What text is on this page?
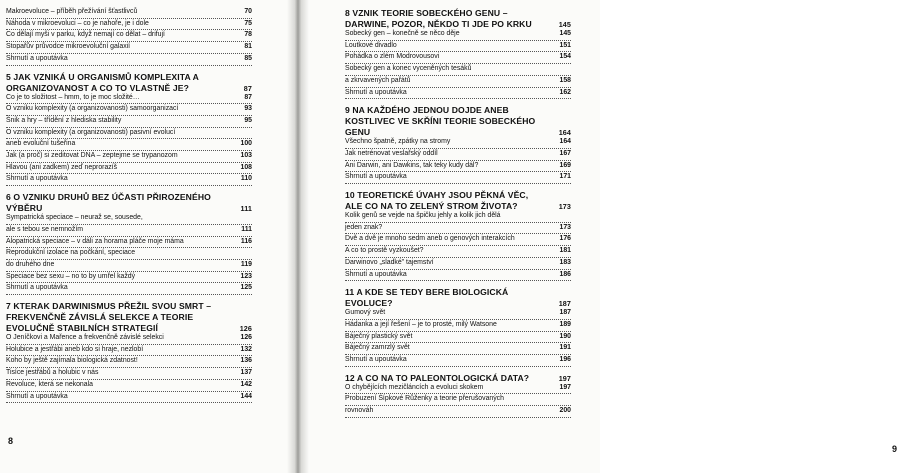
Makroevoluce – příběh přežívání šťastlivců	70
Náhoda v mikroevoluci – co je nahoře, je i dole	75
Co dělají myši v parku, když nemají co dělat – drifují	78
Stopařův průvodce mikroevoluční galaxií	81
Shrnutí a upoutávka	85
5 JAK VZNIKÁ U ORGANISMŮ KOMPLEXITA A ORGANIZOVANOST A CO TO VLASTNĚ JE?	87
Co je to složitost – hmm, to je moc složité…	87
O vzniku komplexity (a organizovanosti) samoorganizací	93
Šnik a hry – třídění z hlediska stability	95
O vzniku komplexity (a organizovanosti) pasivní evolucí
aneb evoluční tušeřina	100
Jak (a proč) si zeditovat DNA – zeptejme se trypanozom	103
Hlavou (ani zadkem) zeď neprorazíš	108
Shrnutí a upoutávka	110
6 O VZNIKU DRUHŮ BEZ ÚČASTI PŘIROZENÉHO VÝBĚRU	111
Sympatrická speciace – neuraž se, sousede,
ale s tebou se nemnožím	111
Alopatrická speciace – v dáli za horama pláče moje máma	116
Reprodukční izolace na počkání, speciace
do druhého dne	119
Speciace bez sexu – no to by umřel každý	123
Shrnutí a upoutávka	125
7 KTERAK DARWINISMUS PŘEŽIL SVOU SMRT – FREKVENČNĚ ZÁVISLÁ SELEKCE A TEORIE EVOLUČNĚ STABILNÍCH STRATEGIÍ	126
O Jeníčkovi a Mařence a frekvenčně závislé selekci	126
Holubice a jestřábi aneb kdo si hraje, nezlobí	132
Koho by ještě zajímala biologická zdatnost!	136
Tisíce jestřábů a holubic v nás	137
Revoluce, která se nekonala	142
Shrnutí a upoutávka	144
8
8 VZNIK TEORIE SOBECKÉHO GENU – DARWINE, POZOR, NĚKDO TI JDE PO KRKU	145
Sobecký gen – konečně se něco děje	145
Loutkové divadlo	151
Pohádka o zlém Modrovousovi	154
Sobecký gen a konec vyceněných tesáků
a zkrvavených pařátů	158
Shrnutí a upoutávka	162
9 NA KAŽDÉHO JEDNOU DOJDE ANEB KOSTLIVEC VE SKŘÍNI TEORIE SOBECKÉHO GENU	164
Všechno špatně, zpátky na stromy	164
Jak netrénovat veslařský oddíl	167
Ani Darwin, ani Dawkins, tak teky kudy dál?	169
Shrnutí a upoutávka	171
10 TEORETICKÉ ÚVAHY JSOU PĚKNÁ VĚC, ALE CO NA TO ZELENÝ STROM ŽIVOTA?	173
Kolik genů se vejde na špičku jehly a kolik jich dělá
jeden znak?	173
Dvě a dvě je mnoho sedm aneb o genových interakcích	176
A co to prostě vyzkoušet?	181
Darwinovo „sladké" tajemství	183
Shrnutí a upoutávka	186
11 A KDE SE TEDY BERE BIOLOGICKÁ EVOLUCE?	187
Gumový svět	187
Hádanka a její řešení – je to prosté, milý Watsone	189
Báječný plastický svět	190
Báječný zamrzlý svět	191
Shrnutí a upoutávka	196
12 A CO NA TO PALEONTOLOGICKÁ DATA?	197
O chybějících mezičláncích a evoluci skokem	197
Probuzení Šípkové Růženky a teorie přerušovaných
rovnováh	200
9
